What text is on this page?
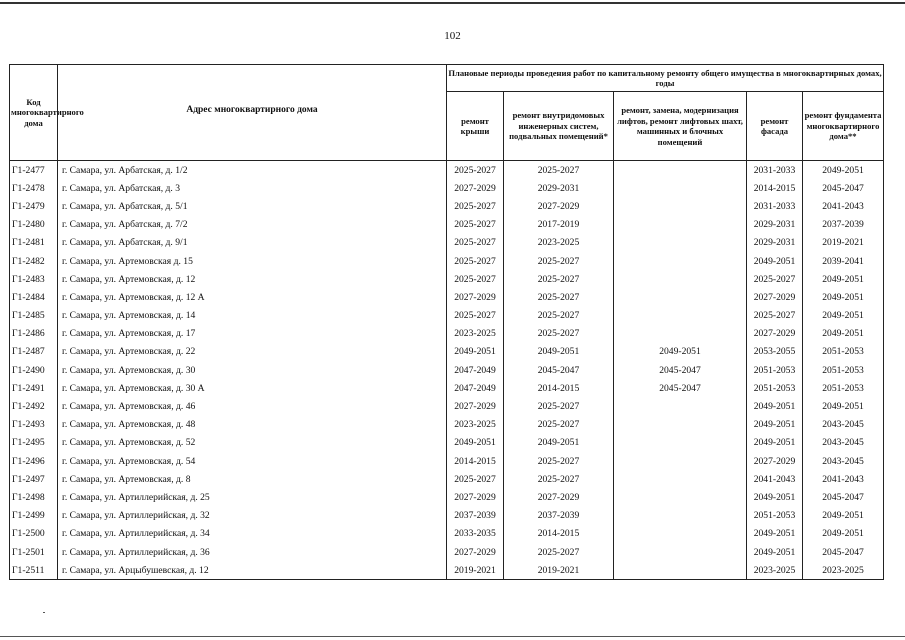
102
Код многоквартирного дома	Адрес многоквартирного дома	Плановые периоды проведения работ по капитальному ремонту общего имущества в многоквартирных домах, годы				
		ремонт крыши	ремонт внутридомовых инженерных систем, подвальных помещений*	ремонт, замена, модернизация лифтов, ремонт лифтовых шахт, машинных и блочных помещений	ремонт фасада	ремонт фундамента многоквартирного дома**
Г1-2477	г. Самара, ул. Арбатская, д. 1/2	2025-2027	2025-2027		2031-2033	2049-2051
Г1-2478	г. Самара, ул. Арбатская, д. 3	2027-2029	2029-2031		2014-2015	2045-2047
Г1-2479	г. Самара, ул. Арбатская, д. 5/1	2025-2027	2027-2029		2031-2033	2041-2043
Г1-2480	г. Самара, ул. Арбатская, д. 7/2	2025-2027	2017-2019		2029-2031	2037-2039
Г1-2481	г. Самара, ул. Арбатская, д. 9/1	2025-2027	2023-2025		2029-2031	2019-2021
Г1-2482	г. Самара, ул. Артемовская д. 15	2025-2027	2025-2027		2049-2051	2039-2041
Г1-2483	г. Самара, ул. Артемовская, д. 12	2025-2027	2025-2027		2025-2027	2049-2051
Г1-2484	г. Самара, ул. Артемовская, д. 12 А	2027-2029	2025-2027		2027-2029	2049-2051
Г1-2485	г. Самара, ул. Артемовская, д. 14	2025-2027	2025-2027		2025-2027	2049-2051
Г1-2486	г. Самара, ул. Артемовская, д. 17	2023-2025	2025-2027		2027-2029	2049-2051
Г1-2487	г. Самара, ул. Артемовская, д. 22	2049-2051	2049-2051	2049-2051	2053-2055	2051-2053
Г1-2490	г. Самара, ул. Артемовская, д. 30	2047-2049	2045-2047	2045-2047	2051-2053	2051-2053
Г1-2491	г. Самара, ул. Артемовская, д. 30 А	2047-2049	2014-2015	2045-2047	2051-2053	2051-2053
Г1-2492	г. Самара, ул. Артемовская, д. 46	2027-2029	2025-2027		2049-2051	2049-2051
Г1-2493	г. Самара, ул. Артемовская, д. 48	2023-2025	2025-2027		2049-2051	2043-2045
Г1-2495	г. Самара, ул. Артемовская, д. 52	2049-2051	2049-2051		2049-2051	2043-2045
Г1-2496	г. Самара, ул. Артемовская, д. 54	2014-2015	2025-2027		2027-2029	2043-2045
Г1-2497	г. Самара, ул. Артемовская, д. 8	2025-2027	2025-2027		2041-2043	2041-2043
Г1-2498	г. Самара, ул. Артиллерийская, д. 25	2027-2029	2027-2029		2049-2051	2045-2047
Г1-2499	г. Самара, ул. Артиллерийская, д. 32	2037-2039	2037-2039		2051-2053	2049-2051
Г1-2500	г. Самара, ул. Артиллерийская, д. 34	2033-2035	2014-2015		2049-2051	2049-2051
Г1-2501	г. Самара, ул. Артиллерийская, д. 36	2027-2029	2025-2027		2049-2051	2045-2047
Г1-2511	г. Самара, ул. Арцыбушевская, д. 12	2019-2021	2019-2021		2023-2025	2023-2025
